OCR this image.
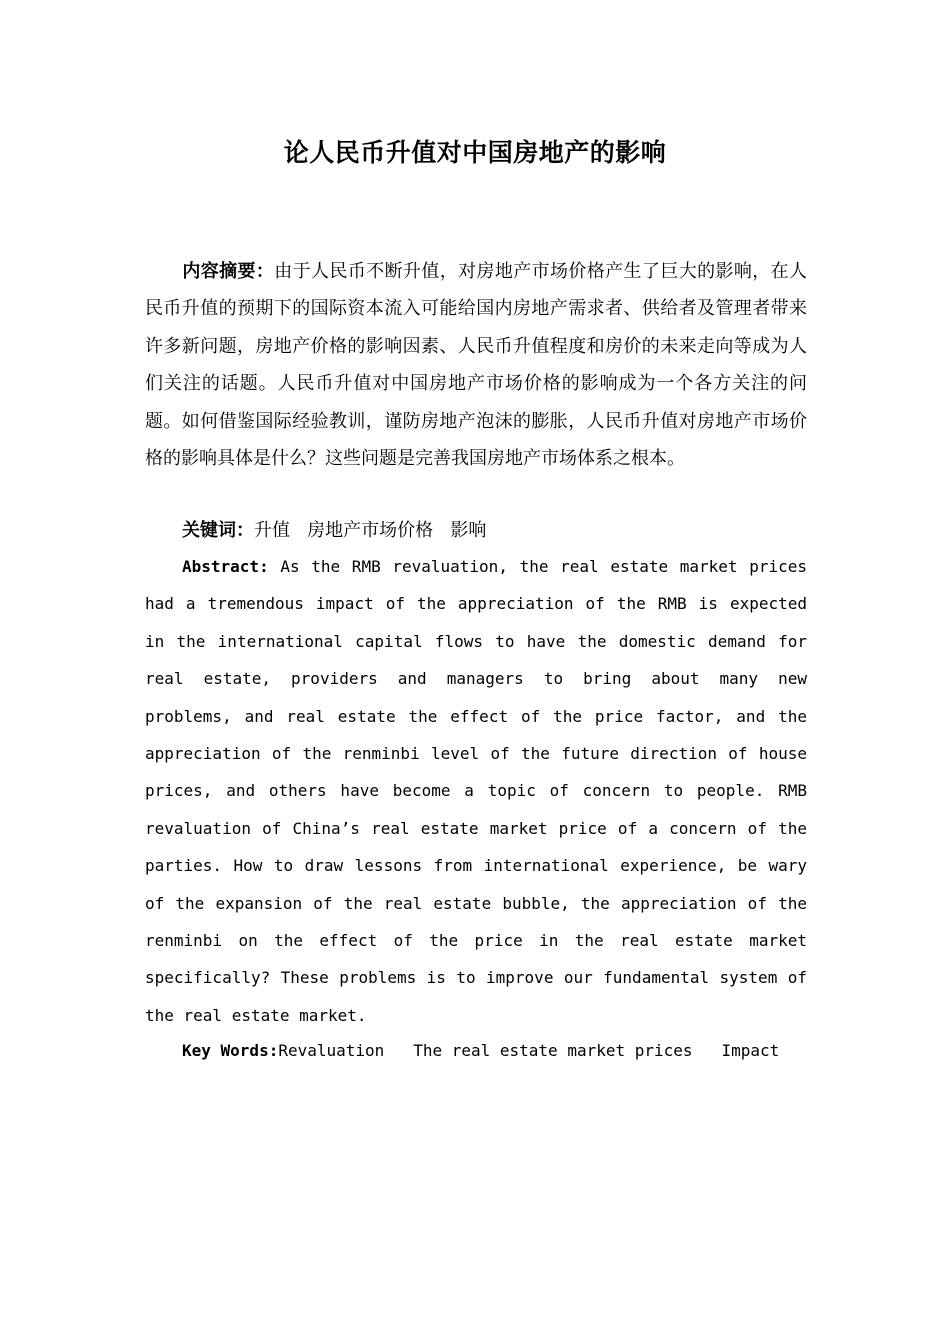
论人民币升值对中国房地产的影响

内容摘要：由于人民币不断升值，对房地产市场价格产生了巨大的影响，在人民币升值的预期下的国际资本流入可能给国内房地产需求者、供给者及管理者带来许多新问题，房地产价格的影响因素、人民币升值程度和房价的未来走向等成为人们关注的话题。人民币升值对中国房地产市场价格的影响成为一个各方关注的问题。如何借鉴国际经验教训，谨防房地产泡沫的膨胀，人民币升值对房地产市场价格的影响具体是什么？这些问题是完善我国房地产市场体系之根本。

关键词：升值   房地产市场价格   影响

Abstract: As the RMB revaluation, the real estate market prices had a tremendous impact of the appreciation of the RMB is expected in the international capital flows to have the domestic demand for real estate, providers and managers to bring about many new problems, and real estate the effect of the price factor, and the appreciation of the renminbi level of the future direction of house prices, and others have become a topic of concern to people. RMB revaluation of China’s real estate market price of a concern of the parties. How to draw lessons from international experience, be wary of the expansion of the real estate bubble, the appreciation of the renminbi on the effect of the price in the real estate market specifically? These problems is to improve our fundamental system of the real estate market.

Key Words:Revaluation   The real estate market prices   Impact
